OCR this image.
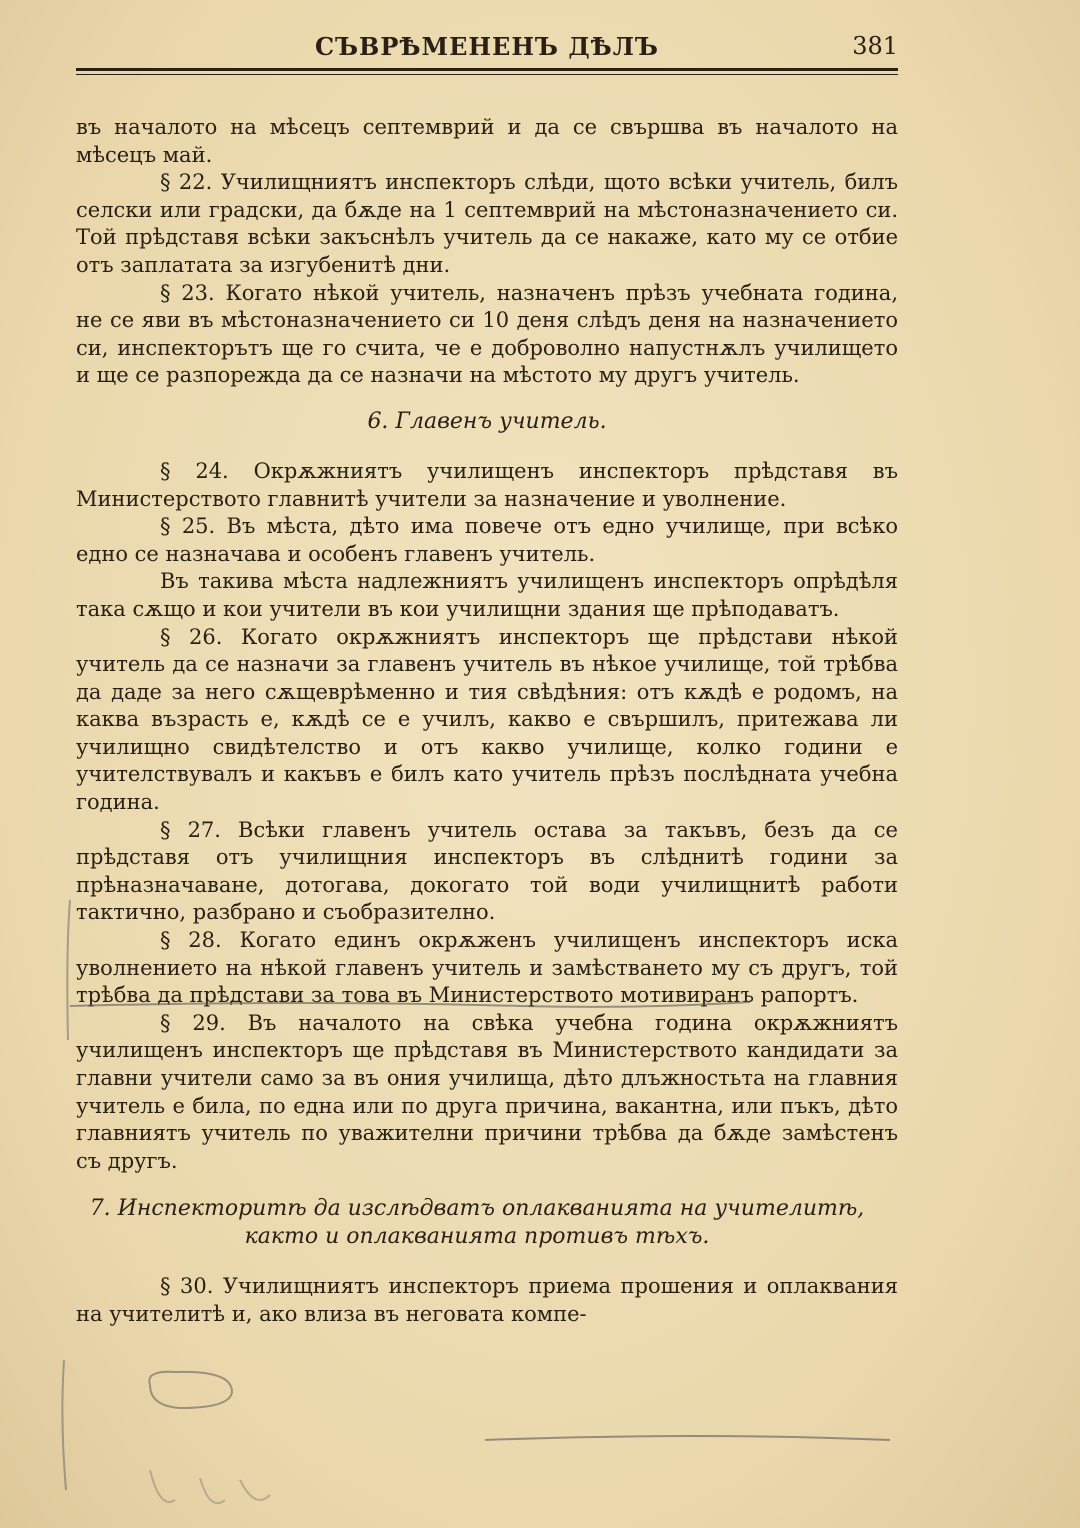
СЪВРѢМЕНЕНЪ ДѢЛЪ	381

въ началото на мѣсецъ септемврий и да се свършва въ началото на мѣсецъ май.

§ 22. Училищниятъ инспекторъ слѣди, щото всѣки учитель, билъ селски или градски, да бѫде на 1 септемврий на мѣстоназначението си. Той прѣдставя всѣки закъснѣлъ учитель да се накаже, като му се отбие отъ заплатата за изгубенитѣ дни.

§ 23. Когато нѣкой учитель, назначенъ прѣзъ учебната година, не се яви въ мѣстоназначението си 10 деня слѣдъ деня на назначението си, инспекторътъ ще го счита, че е доброволно напустнѫлъ училището и ще се разпорежда да се назначи на мѣстото му другъ учитель.

6. Главенъ учитель.

§ 24. Окрѫжниятъ училищенъ инспекторъ прѣдставя въ Министерството главнитѣ учители за назначение и уволнение.

§ 25. Въ мѣста, дѣто има повече отъ едно училище, при всѣко едно се назначава и особенъ главенъ учитель.

Въ такива мѣста надлежниятъ училищенъ инспекторъ опрѣдѣля така сѫщо и кои учители въ кои училищни здания ще прѣподаватъ.

§ 26. Когато окрѫжниятъ инспекторъ ще прѣдстави нѣкой учитель да се назначи за главенъ учитель въ нѣкое училище, той трѣбва да даде за него сѫщеврѣменно и тия свѣдѣния: отъ кѫдѣ е родомъ, на каква възрасть е, кѫдѣ се е училъ, какво е свършилъ, притежава ли училищно свидѣтелство и отъ какво училище, колко години е учителствувалъ и какъвъ е билъ като учитель прѣзъ послѣдната учебна година.

§ 27. Всѣки главенъ учитель остава за такъвъ, безъ да се прѣдставя отъ училищния инспекторъ въ слѣднитѣ години за прѣназначаване, дотогава, докогато той води училищнитѣ работи тактично, разбрано и съобразително.

§ 28. Когато единъ окрѫженъ училищенъ инспекторъ иска уволнението на нѣкой главенъ учитель и замѣстването му съ другъ, той трѣбва да прѣдстави за това въ Министерството мотивиранъ рапортъ.

§ 29. Въ началото на свѣка учебна година окрѫжниятъ училищенъ инспекторъ ще прѣдставя въ Министерството кандидати за главни учители само за въ ония училища, дѣто длъжностьта на главния учитель е била, по една или по друга причина, вакантна, или пъкъ, дѣто главниятъ учитель по уважителни причини трѣбва да бѫде замѣстенъ съ другъ.

7. Инспекторитѣ да изслѣдватъ оплакванията на учителитѣ, както и оплакванията противъ тѣхъ.

§ 30. Училищниятъ инспекторъ приема прошения и оплаквания на учителитѣ и, ако влиза въ неговата компе-
